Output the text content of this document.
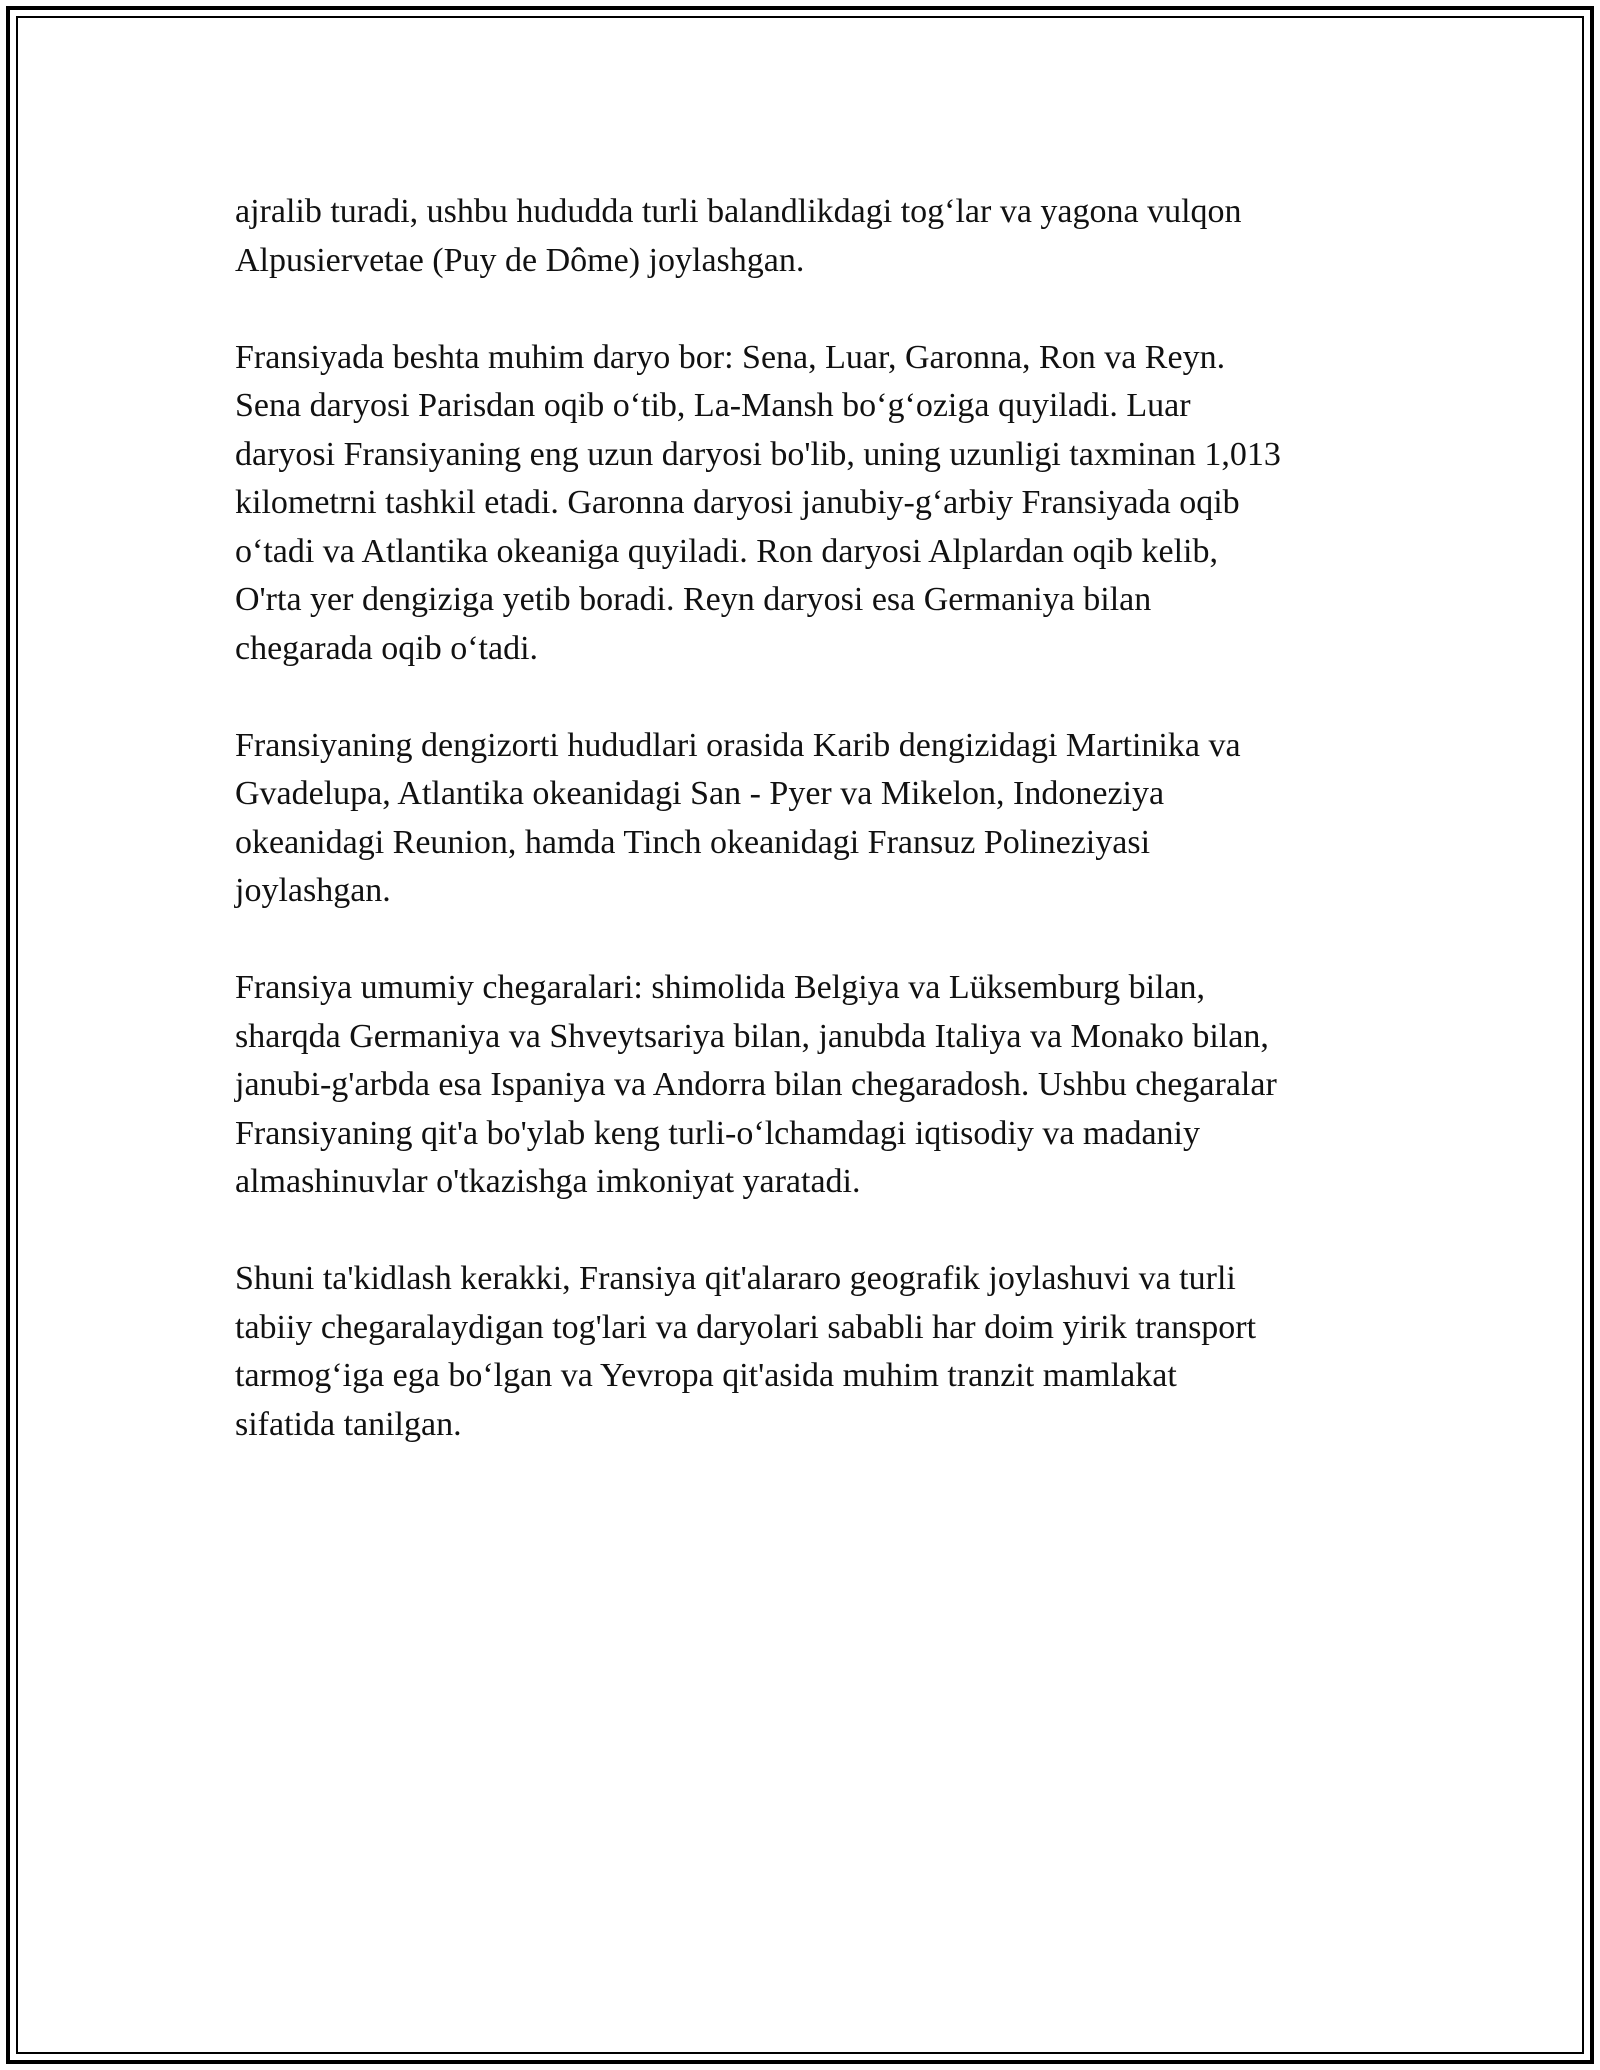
ajralib turadi, ushbu hududda turli balandlikdagi tog‘lar va yagona vulqon
Alpusiervetae (Puy de Dôme) joylashgan.

Fransiyada beshta muhim daryo bor: Sena, Luar, Garonna, Ron va Reyn.
Sena daryosi Parisdan oqib o‘tib, La-Mansh bo‘g‘oziga quyiladi. Luar
daryosi Fransiyaning eng uzun daryosi bo'lib, uning uzunligi taxminan 1,013
kilometrni tashkil etadi. Garonna daryosi janubiy-g‘arbiy Fransiyada oqib
o‘tadi va Atlantika okeaniga quyiladi. Ron daryosi Alplardan oqib kelib,
O'rta yer dengiziga yetib boradi. Reyn daryosi esa Germaniya bilan
chegarada oqib o‘tadi.

Fransiyaning dengizorti hududlari orasida Karib dengizidagi Martinika va
Gvadelupa, Atlantika okeanidagi San - Pyer va Mikelon, Indoneziya
okeanidagi Reunion, hamda Tinch okeanidagi Fransuz Polineziyasi
joylashgan.

Fransiya umumiy chegaralari: shimolida Belgiya va Lüksemburg bilan,
sharqda Germaniya va Shveytsariya bilan, janubda Italiya va Monako bilan,
janubi-g'arbda esa Ispaniya va Andorra bilan chegaradosh. Ushbu chegaralar
Fransiyaning qit'a bo'ylab keng turli-o‘lchamdagi iqtisodiy va madaniy
almashinuvlar o'tkazishga imkoniyat yaratadi.

Shuni ta'kidlash kerakki, Fransiya qit'alararo geografik joylashuvi va turli
tabiiy chegaralaydigan tog'lari va daryolari sababli har doim yirik transport
tarmog‘iga ega bo‘lgan va Yevropa qit'asida muhim tranzit mamlakat
sifatida tanilgan.
